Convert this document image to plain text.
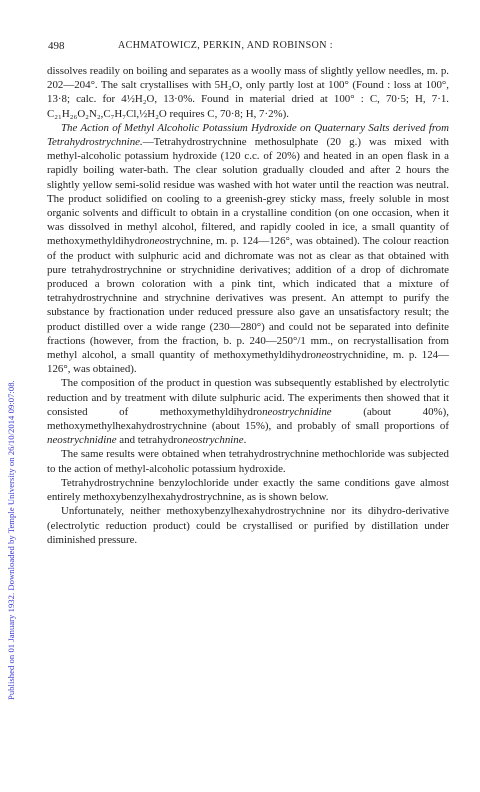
Published on 01 January 1932. Downloaded by Temple University on 26/10/2014 09:07:08.
498	ACHMATOWICZ, PERKIN, AND ROBINSON :

dissolves readily on boiling and separates as a woolly mass of slightly yellow needles, m. p. 202—204°. The salt crystallises with 5H₂O, only partly lost at 100° (Found : loss at 100°, 13·8; calc. for 4½H₂O, 13·0%. Found in material dried at 100° : C, 70·5; H, 7·1. C₂₁H₂₆O₂N₂,C₇H₇Cl,½H₂O requires C, 70·8; H, 7·2%).

The Action of Methyl Alcoholic Potassium Hydroxide on Quaternary Salts derived from Tetrahydrostrychnine.—Tetrahydrostrychnine methosulphate (20 g.) was mixed with methyl-alcoholic potassium hydroxide (120 c.c. of 20%) and heated in an open flask in a rapidly boiling water-bath. The clear solution gradually clouded and after 2 hours the slightly yellow semi-solid residue was washed with hot water until the reaction was neutral. The product solidified on cooling to a greenish-grey sticky mass, freely soluble in most organic solvents and difficult to obtain in a crystalline condition (on one occasion, when it was dissolved in methyl alcohol, filtered, and rapidly cooled in ice, a small quantity of methoxymethyldihydroneostrychnine, m. p. 124—126°, was obtained). The colour reaction of the product with sulphuric acid and dichromate was not as clear as that obtained with pure tetrahydrostrychnine or strychnidine derivatives; addition of a drop of dichromate produced a brown coloration with a pink tint, which indicated that a mixture of tetrahydrostrychnine and strychnine derivatives was present. An attempt to purify the substance by fractionation under reduced pressure also gave an unsatisfactory result; the product distilled over a wide range (230—280°) and could not be separated into definite fractions (however, from the fraction, b. p. 240—250°/1 mm., on recrystallisation from methyl alcohol, a small quantity of methoxymethyldihydroneostrychnidine, m. p. 124—126°, was obtained).

The composition of the product in question was subsequently established by electrolytic reduction and by treatment with dilute sulphuric acid. The experiments then showed that it consisted of methoxymethyldihydroneostrychnidine (about 40%), methoxymethylhexahydrostrychnine (about 15%), and probably of small proportions of neostrychnidine and tetrahydroneostrychnine.

The same results were obtained when tetrahydrostrychnine methochloride was subjected to the action of methyl-alcoholic potassium hydroxide.

Tetrahydrostrychnine benzylochloride under exactly the same conditions gave almost entirely methoxybenzylhexahydrostrychnine, as is shown below.

Unfortunately, neither methoxybenzylhexahydrostrychnine nor its dihydro-derivative (electrolytic reduction product) could be crystallised or purified by distillation under diminished pressure.
